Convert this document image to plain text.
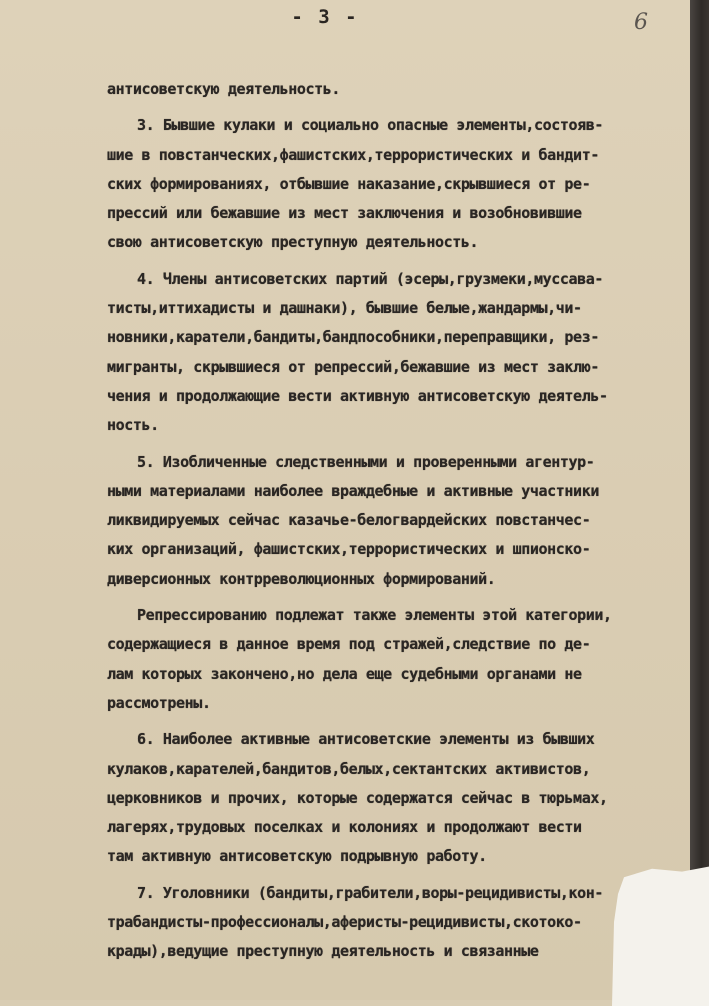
- 3 -	6
антисоветскую деятельность.
3. Бывшие кулаки и социально опасные элементы,состояв-
шие в повстанческих,фашистских,террористических и бандит-
ских формированиях, отбывшие наказание,скрывшиеся от ре-
прессий или бежавшие из мест заключения и возобновившие
свою антисоветскую преступную деятельность.
4. Члены антисоветских партий (эсеры,грузмеки,муссава-
тисты,иттихадисты и дашнаки), бывшие белые,жандармы,чи-
новники,каратели,бандиты,бандпособники,переправщики, рез-
мигранты, скрывшиеся от репрессий,бежавшие из мест заклю-
чения и продолжающие вести активную антисоветскую деятель-
ность.
5. Изобличенные следственными и проверенными агентур-
ными материалами наиболее враждебные и активные участники
ликвидируемых сейчас казачье-белогвардейских повстанчес-
ких организаций, фашистских,террористических и шпионско-
диверсионных контрреволюционных формирований.
Репрессированию подлежат также элементы этой категории,
содержащиеся в данное время под стражей,следствие по де-
лам которых закончено,но дела еще судебными органами не
рассмотрены.
6. Наиболее активные антисоветские элементы из бывших
кулаков,карателей,бандитов,белых,сектантских активистов,
церковников и прочих, которые содержатся сейчас в тюрьмах,
лагерях,трудовых поселках и колониях и продолжают вести
там активную антисоветскую подрывную работу.
7. Уголовники (бандиты,грабители,воры-рецидивисты,кон-
трабандисты-профессионалы,аферисты-рецидивисты,скотоко-
крады),ведущие преступную деятельность и связанные
